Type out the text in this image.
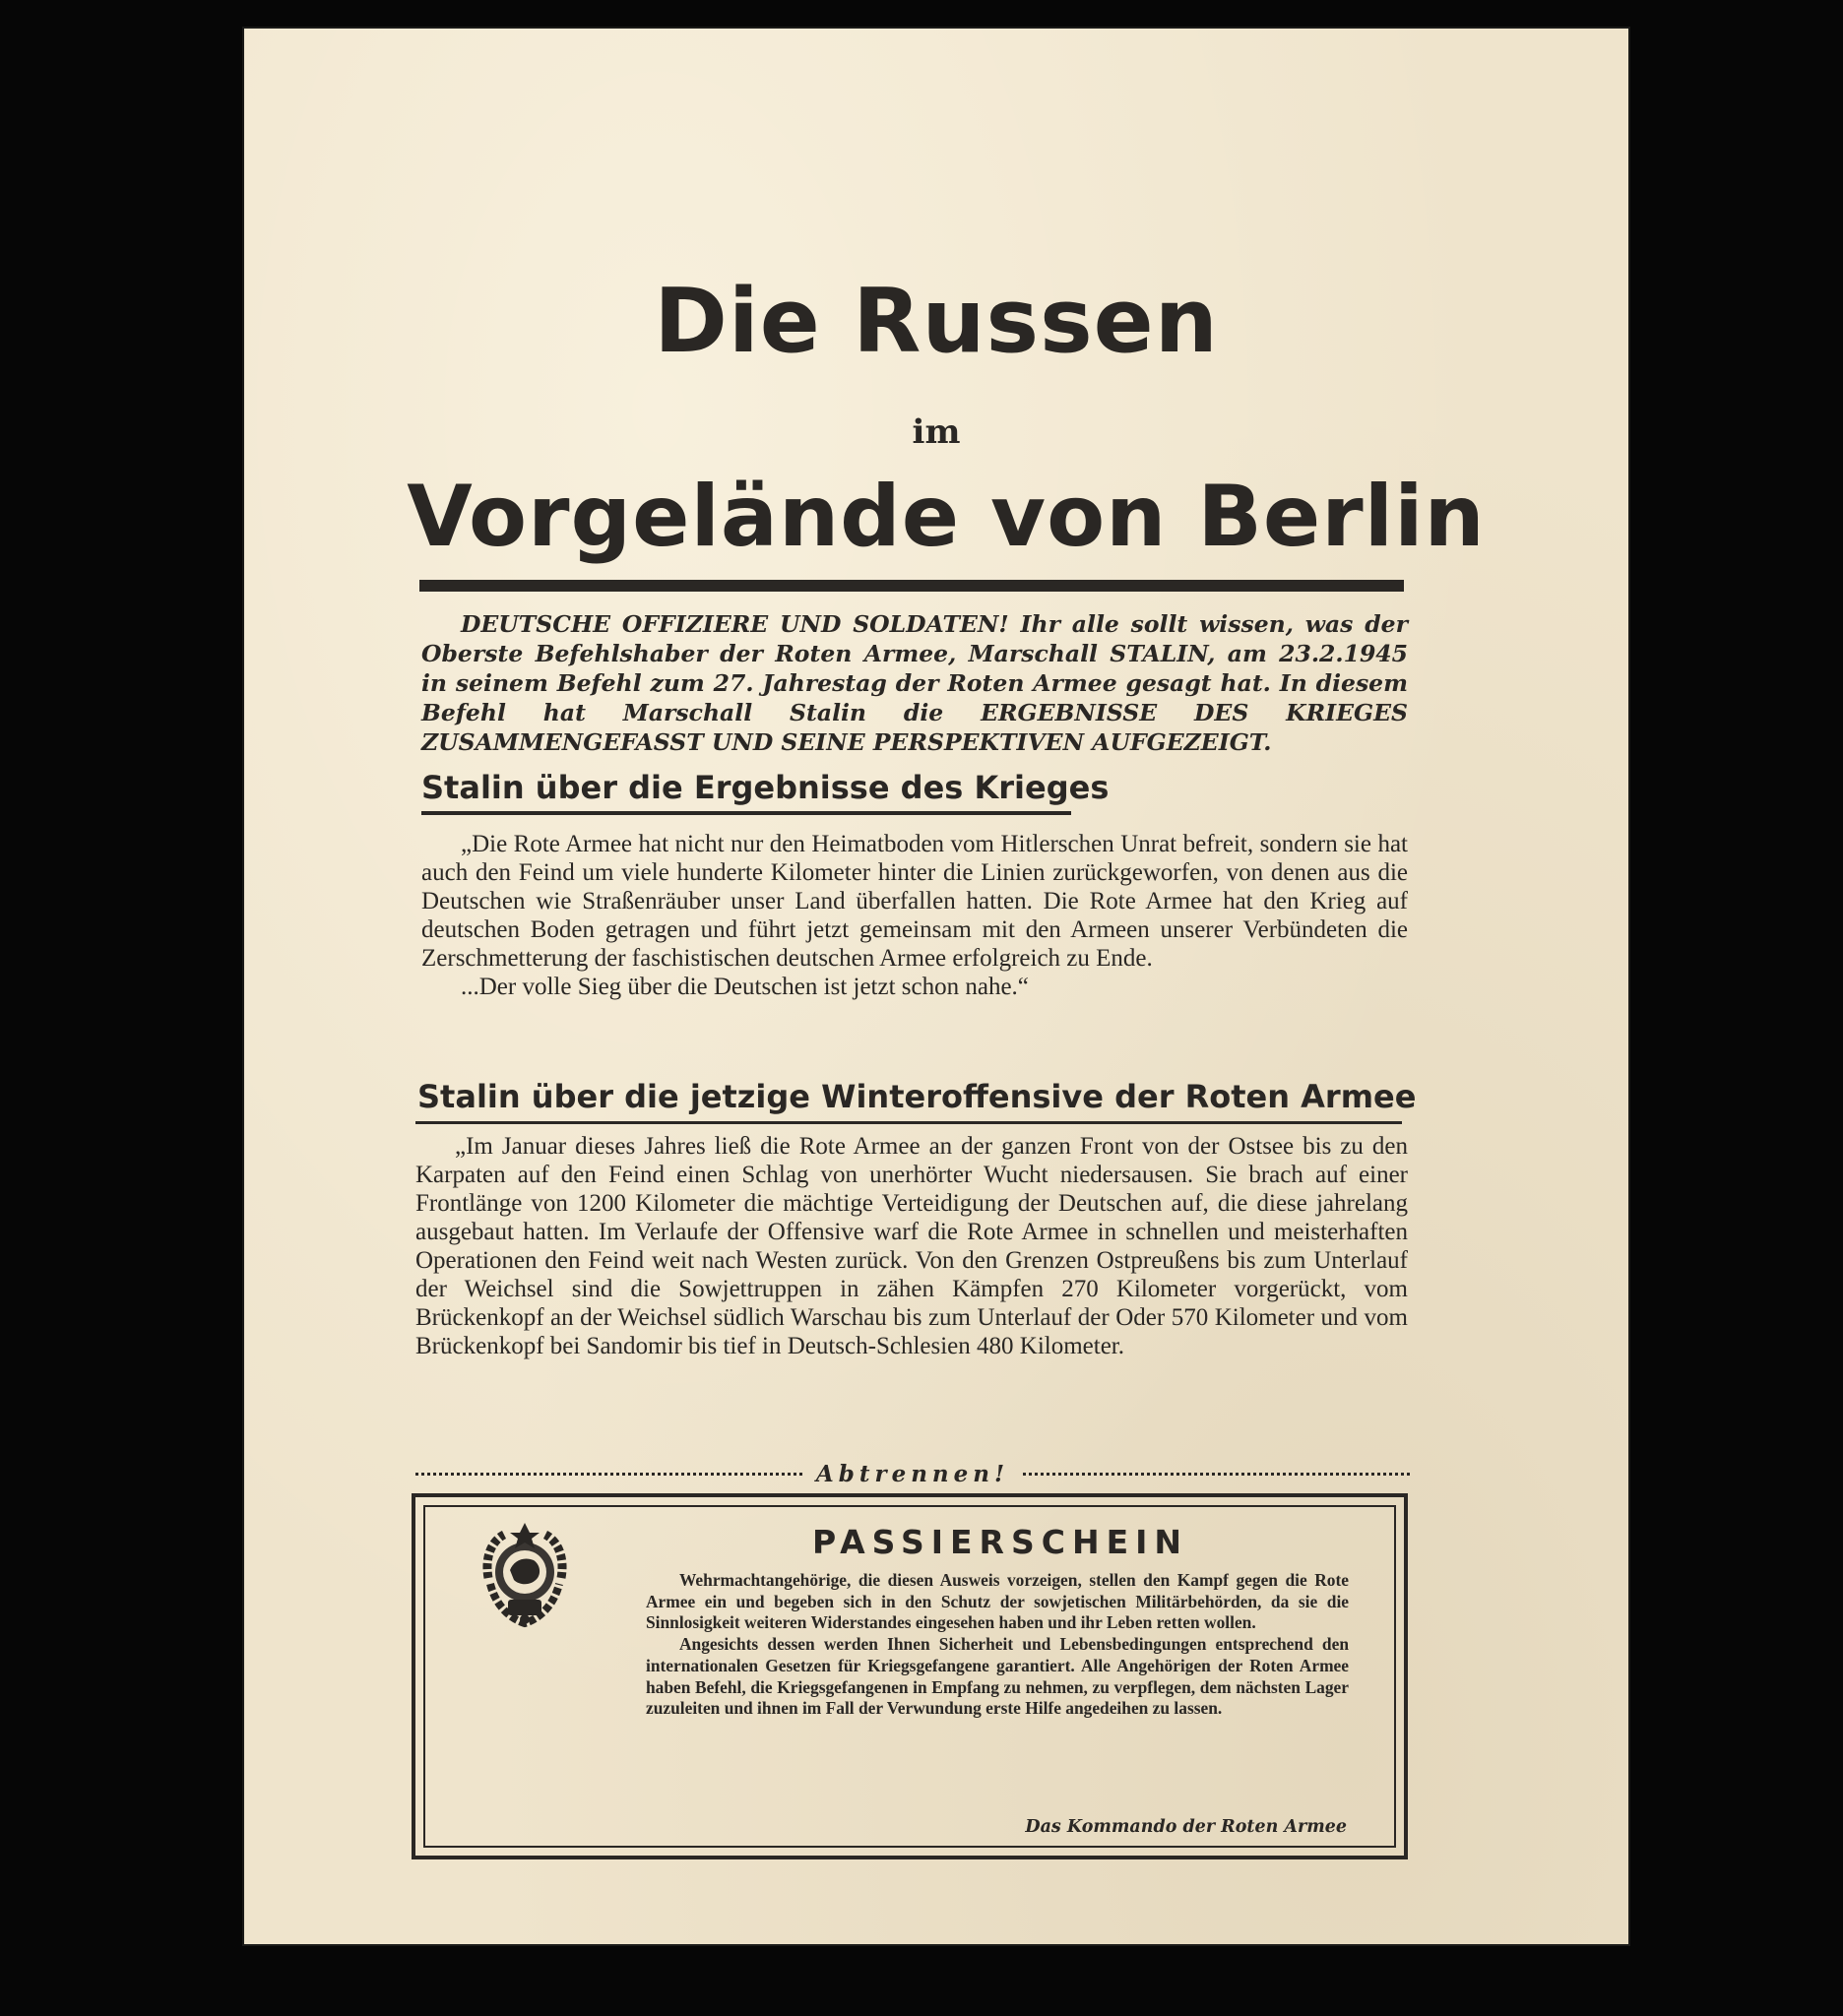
Die Russen
im
Vorgelände von Berlin
DEUTSCHE OFFIZIERE UND SOLDATEN! Ihr alle sollt wissen, was der Oberste Befehlshaber der Roten Armee, Marschall STALIN, am 23.2.1945 in seinem Befehl zum 27. Jahrestag der Roten Armee gesagt hat. In diesem Befehl hat Marschall Stalin die ERGEBNISSE DES KRIEGES ZUSAMMENGEFASST UND SEINE PERSPEKTIVEN AUFGEZEIGT.
Stalin über die Ergebnisse des Krieges

„Die Rote Armee hat nicht nur den Heimatboden vom Hitlerschen Unrat befreit, sondern sie hat auch den Feind um viele hunderte Kilometer hinter die Linien zurückgeworfen, von denen aus die Deutschen wie Straßenräuber unser Land überfallen hatten. Die Rote Armee hat den Krieg auf deutschen Boden getragen und führt jetzt gemeinsam mit den Armeen unserer Verbündeten die Zerschmetterung der faschistischen deutschen Armee erfolgreich zu Ende.

...Der volle Sieg über die Deutschen ist jetzt schon nahe.“

Stalin über die jetzige Winteroffensive der Roten Armee

„Im Januar dieses Jahres ließ die Rote Armee an der ganzen Front von der Ostsee bis zu den Karpaten auf den Feind einen Schlag von unerhörter Wucht niedersausen. Sie brach auf einer Frontlänge von 1200 Kilometer die mächtige Verteidigung der Deutschen auf, die diese jahrelang ausgebaut hatten. Im Verlaufe der Offensive warf die Rote Armee in schnellen und meisterhaften Operationen den Feind weit nach Westen zurück. Von den Grenzen Ostpreußens bis zum Unterlauf der Weichsel sind die Sowjettruppen in zähen Kämpfen 270 Kilometer vorgerückt, vom Brückenkopf an der Weichsel südlich Warschau bis zum Unterlauf der Oder 570 Kilometer und vom Brückenkopf bei Sandomir bis tief in Deutsch-Schlesien 480 Kilometer.

Abtrennen!
PASSIERSCHEIN

Wehrmachtangehörige, die diesen Ausweis vorzeigen, stellen den Kampf gegen die Rote Armee ein und begeben sich in den Schutz der sowjetischen Militärbehörden, da sie die Sinnlosigkeit weiteren Widerstandes eingesehen haben und ihr Leben retten wollen.

Angesichts dessen werden Ihnen Sicherheit und Lebensbedingungen entsprechend den internationalen Gesetzen für Kriegsgefangene garantiert. Alle Angehörigen der Roten Armee haben Befehl, die Kriegsgefangenen in Empfang zu nehmen, zu verpflegen, dem nächsten Lager zuzuleiten und ihnen im Fall der Verwundung erste Hilfe angedeihen zu lassen.

Das Kommando der Roten Armee
